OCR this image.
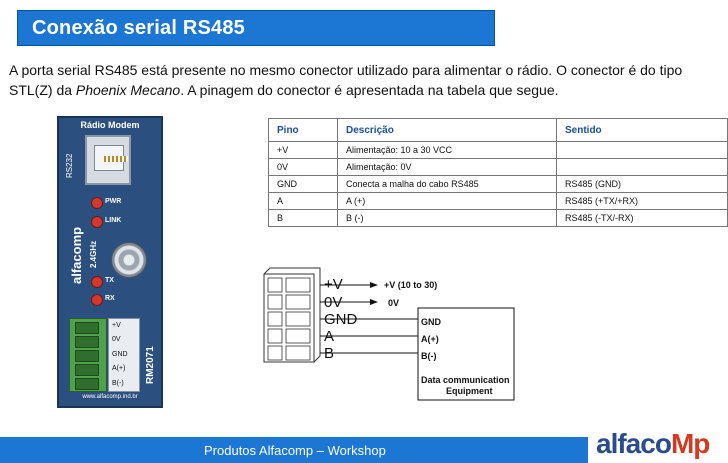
Conexão serial RS485
A porta serial RS485 está presente no mesmo conector utilizado para alimentar o rádio. O conector é do tipo STL(Z) da Phoenix Mecano. A pinagem do conector é apresentada na tabela que segue.
Rádio Modem
RS232
PWR
LINK
TX
RX
alfacomp 2.4GHz
+V
0V
GND
A(+)
B(-)	RM2071
www.alfacomp.ind.br
Pino	Descrição	Sentido
+V	Alimentação: 10 a 30 VCC	
0V	Alimentação: 0V	
GND	Conecta a malha do cabo RS485	RS485 (GND)
A	A (+)	RS485 (+TX/+RX)
B	B (-)	RS485 (-TX/-RX)
+V
0V
GND
A
B
+V (10 to 30)
0V
GND
A(+)
B(-)
Data communication
Equipment
Produtos Alfacomp – Workshop	alfacoMp
